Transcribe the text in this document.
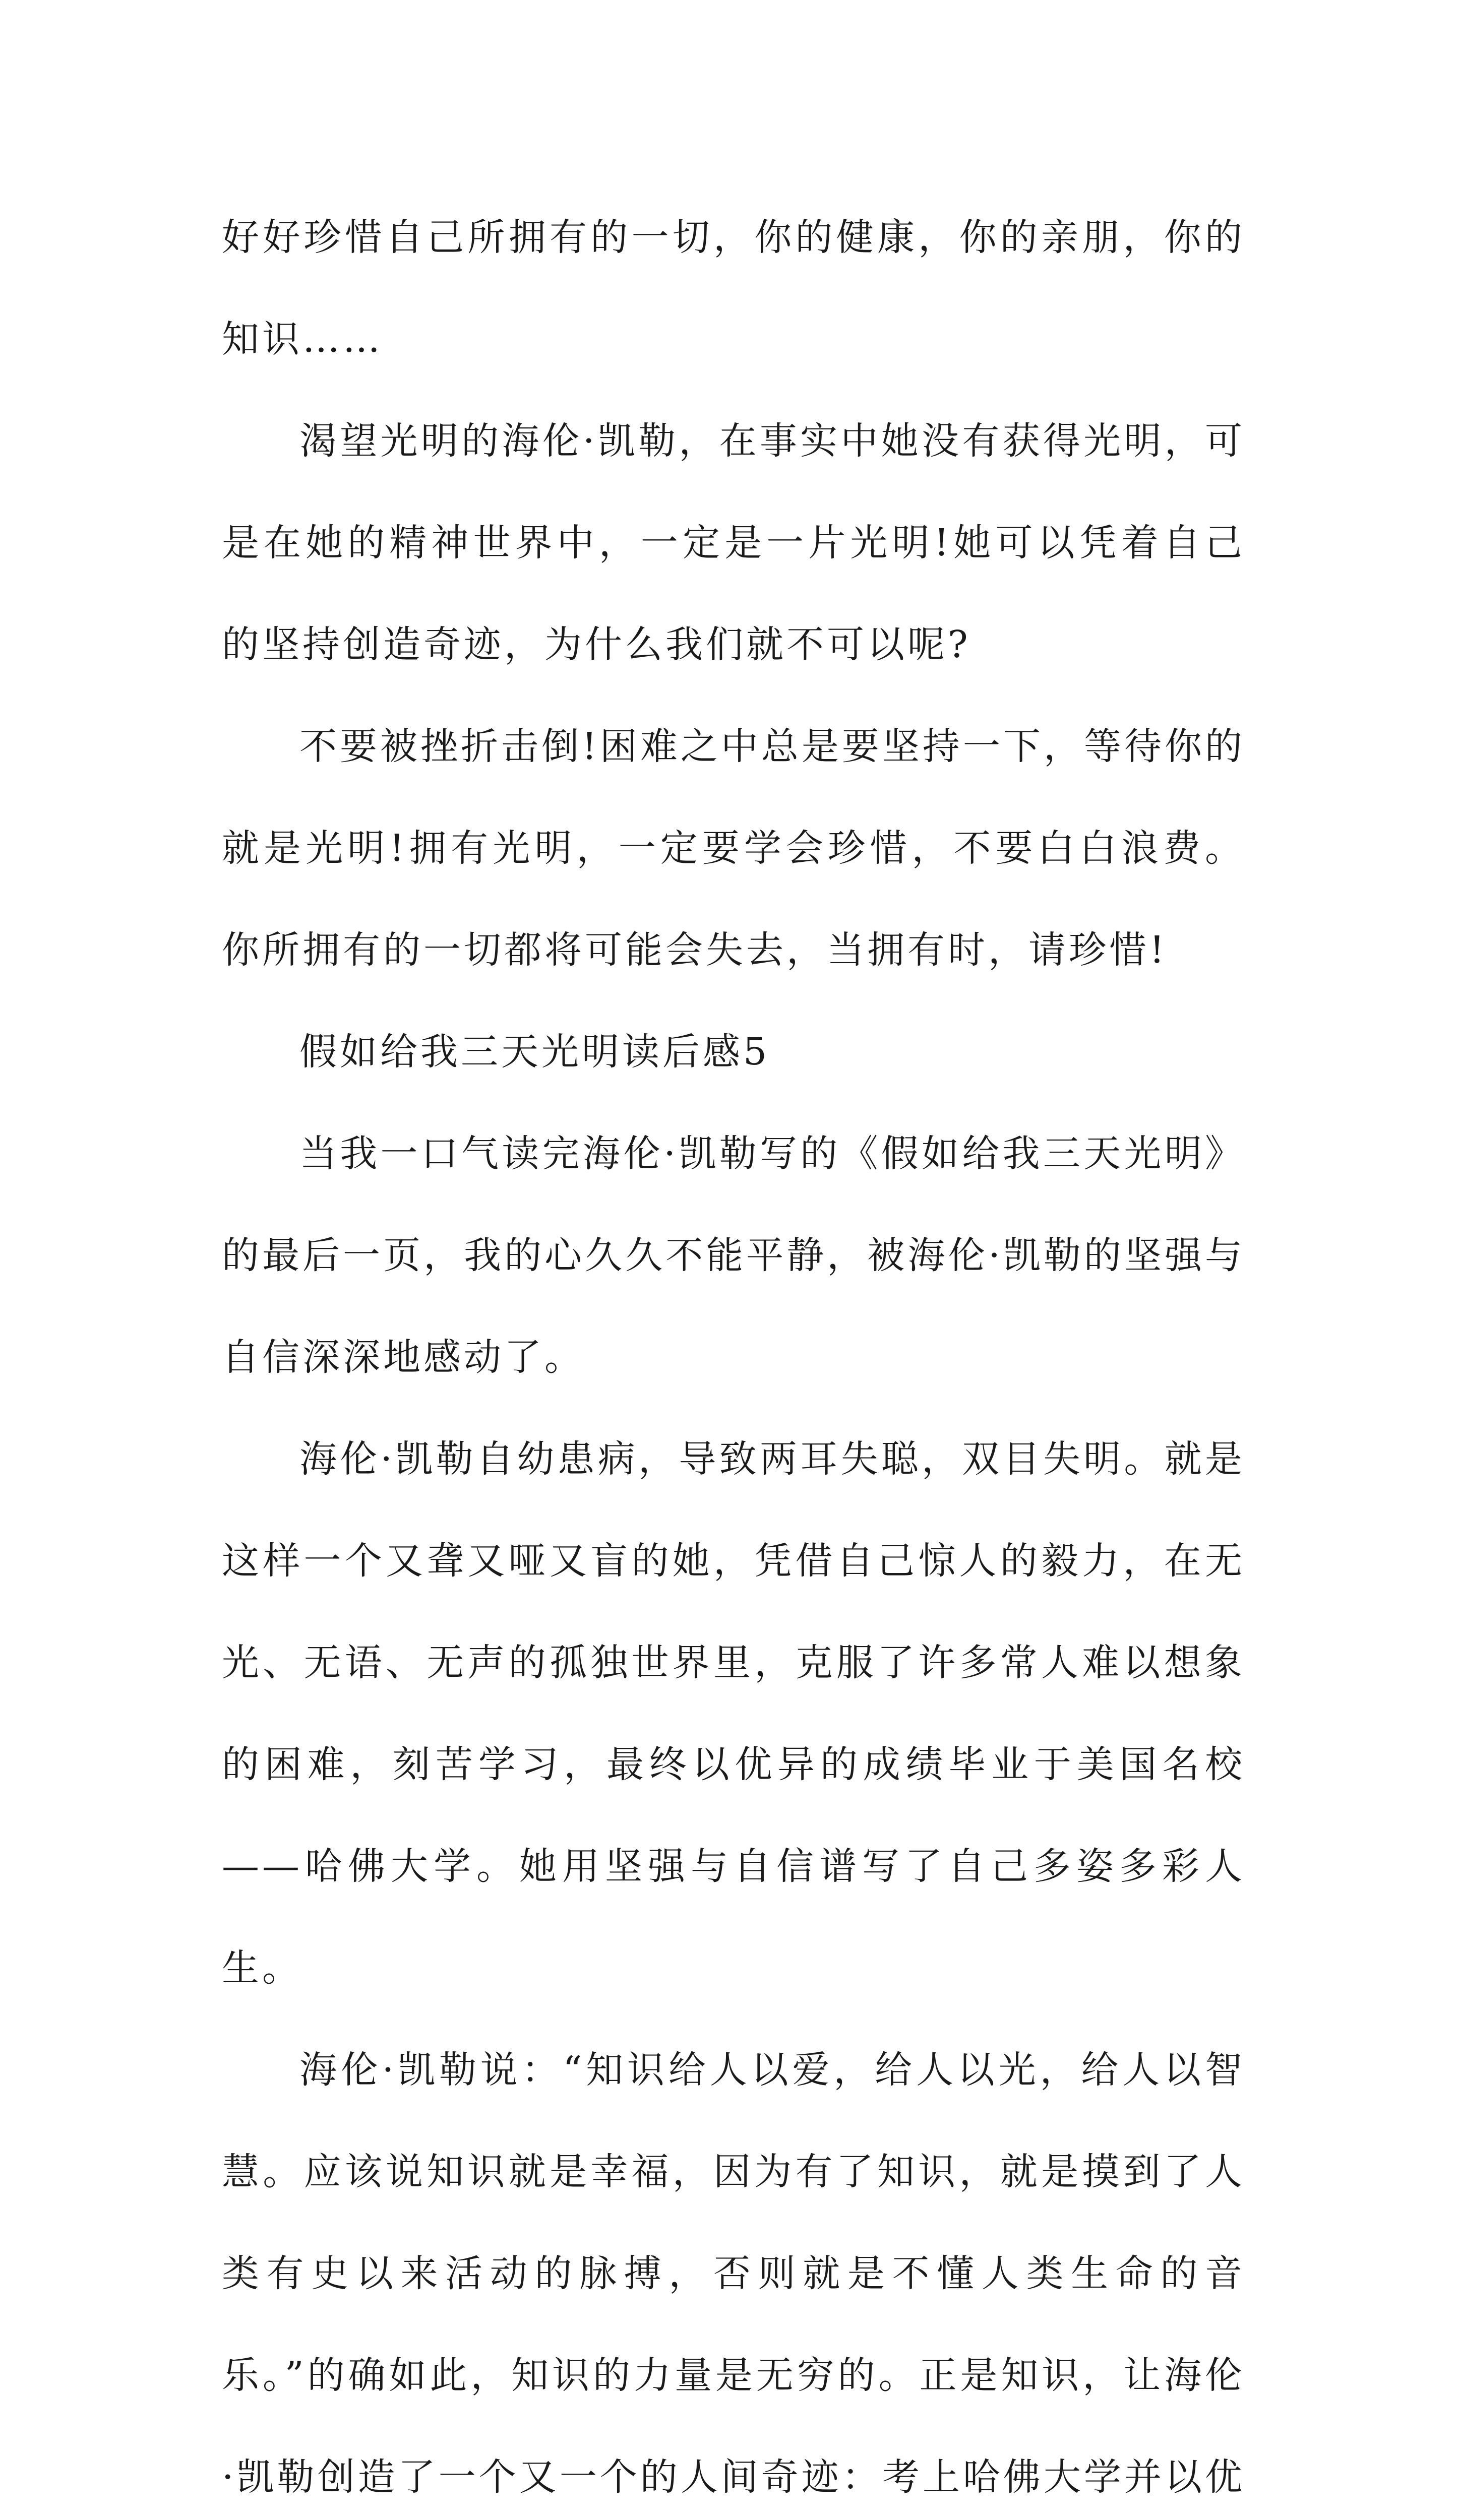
好好珍惜自己所拥有的一切，你的健康，你的亲朋，你的知识……

渴望光明的海伦·凯勒，在事实中她没有获得光明，可是在她的精神世界中，一定是一片光明!她可以凭着自己的坚持创造奇迹，为什么我们就不可以呢?

不要被挫折击倒!困难之中总是要坚持一下，等待你的就是光明!拥有光明，一定要学会珍惜，不要白白浪费。你所拥有的一切都将可能会失去，当拥有时，请珍惜!

假如给我三天光明读后感5

当我一口气读完海伦·凯勒写的《假如给我三天光明》的最后一页，我的心久久不能平静，被海伦·凯勒的坚强与自信深深地感动了。

海伦·凯勒自幼患病，导致两耳失聪，双目失明。就是这样一个又聋又哑又盲的她，凭借自己惊人的毅力，在无光、无语、无声的孤独世界里，克服了许多常人难以想象的困难，刻苦学习，最终以优异的成绩毕业于美国名校——哈佛大学。她用坚强与自信谱写了自己多姿多彩人生。

海伦·凯勒说：“知识给人以爱，给人以光，给人以智慧。应该说知识就是幸福，因为有了知识，就是摸到了人类有史以来活动的脉搏，否则就是不懂人类生命的音乐。”的确如此，知识的力量是无穷的。正是知识，让海伦·凯勒创造了一个又一个的人间奇迹：考上哈佛大学并以优
